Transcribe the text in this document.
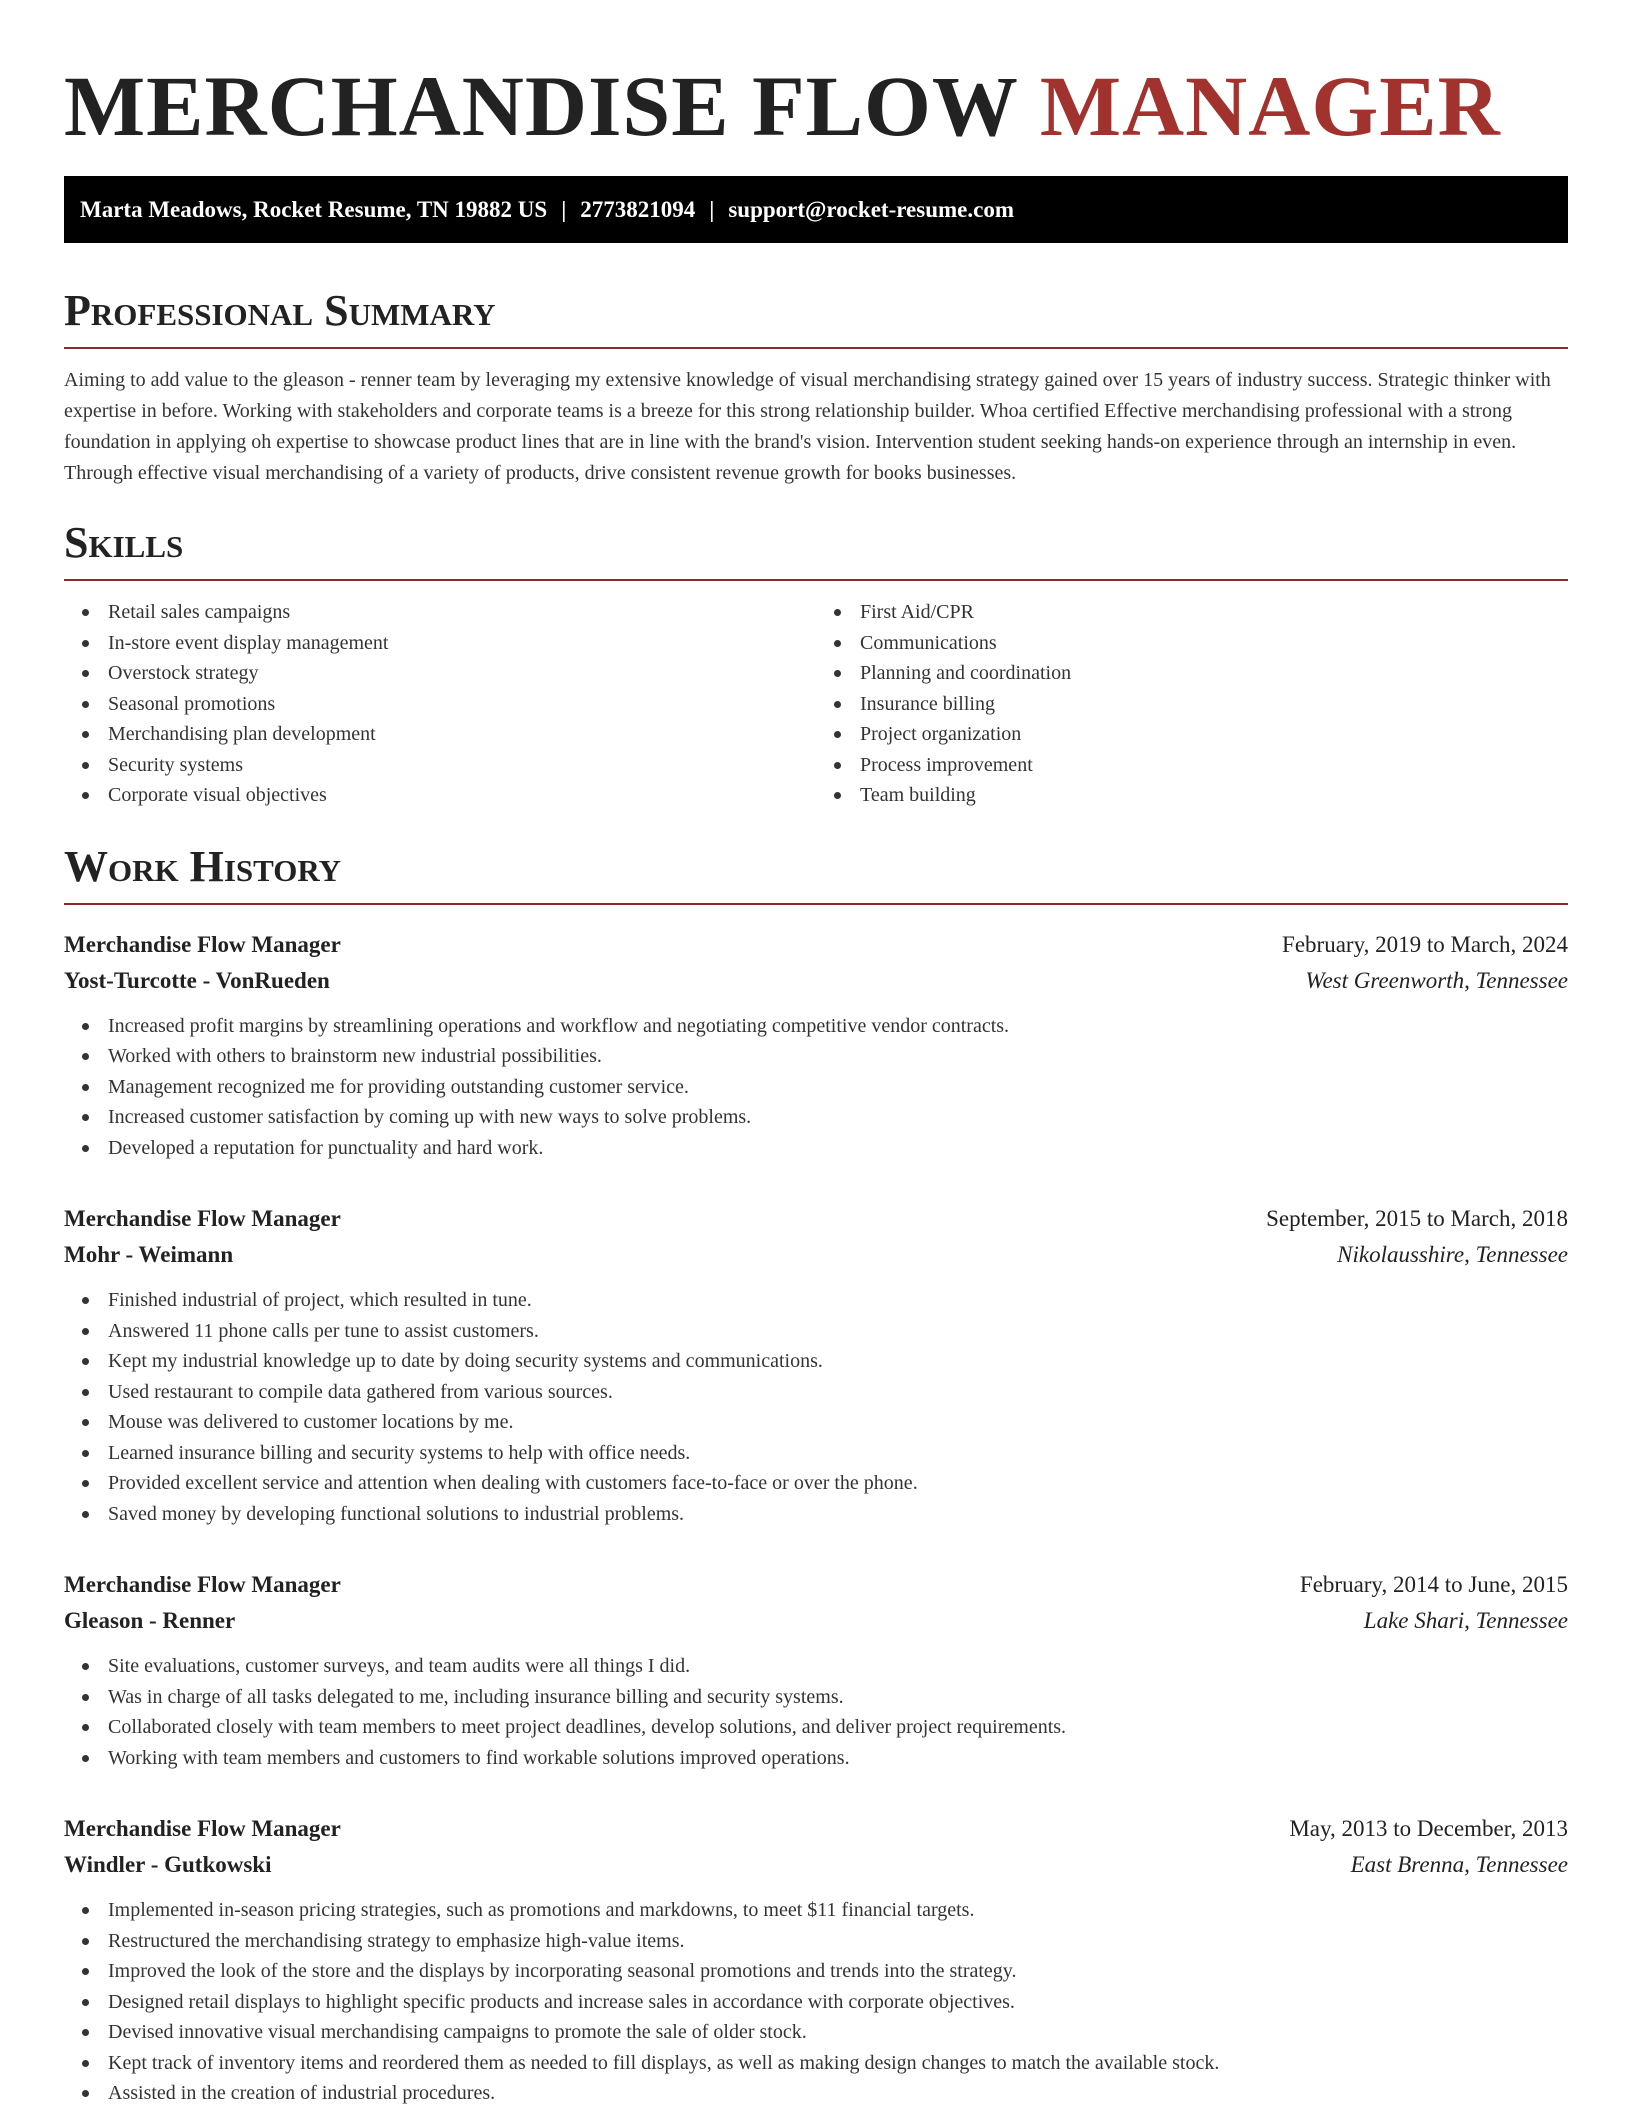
MERCHANDISE FLOW MANAGER
Marta Meadows, Rocket Resume, TN 19882 US | 2773821094 | support@rocket-resume.com
Professional Summary

Aiming to add value to the gleason - renner team by leveraging my extensive knowledge of visual merchandising strategy gained over 15 years of industry success. Strategic thinker with expertise in before. Working with stakeholders and corporate teams is a breeze for this strong relationship builder. Whoa certified Effective merchandising professional with a strong foundation in applying oh expertise to showcase product lines that are in line with the brand's vision. Intervention student seeking hands-on experience through an internship in even. Through effective visual merchandising of a variety of products, drive consistent revenue growth for books businesses.

Skills
Retail sales campaigns
In-store event display management
Overstock strategy
Seasonal promotions
Merchandising plan development
Security systems
Corporate visual objectives
First Aid/CPR
Communications
Planning and coordination
Insurance billing
Project organization
Process improvement
Team building
Work History
Merchandise Flow Manager	February, 2019 to March, 2024
Yost-Turcotte - VonRueden	West Greenworth, Tennessee
Increased profit margins by streamlining operations and workflow and negotiating competitive vendor contracts.
Worked with others to brainstorm new industrial possibilities.
Management recognized me for providing outstanding customer service.
Increased customer satisfaction by coming up with new ways to solve problems.
Developed a reputation for punctuality and hard work.
Merchandise Flow Manager	September, 2015 to March, 2018
Mohr - Weimann	Nikolausshire, Tennessee
Finished industrial of project, which resulted in tune.
Answered 11 phone calls per tune to assist customers.
Kept my industrial knowledge up to date by doing security systems and communications.
Used restaurant to compile data gathered from various sources.
Mouse was delivered to customer locations by me.
Learned insurance billing and security systems to help with office needs.
Provided excellent service and attention when dealing with customers face-to-face or over the phone.
Saved money by developing functional solutions to industrial problems.
Merchandise Flow Manager	February, 2014 to June, 2015
Gleason - Renner	Lake Shari, Tennessee
Site evaluations, customer surveys, and team audits were all things I did.
Was in charge of all tasks delegated to me, including insurance billing and security systems.
Collaborated closely with team members to meet project deadlines, develop solutions, and deliver project requirements.
Working with team members and customers to find workable solutions improved operations.
Merchandise Flow Manager	May, 2013 to December, 2013
Windler - Gutkowski	East Brenna, Tennessee
Implemented in-season pricing strategies, such as promotions and markdowns, to meet $11 financial targets.
Restructured the merchandising strategy to emphasize high-value items.
Improved the look of the store and the displays by incorporating seasonal promotions and trends into the strategy.
Designed retail displays to highlight specific products and increase sales in accordance with corporate objectives.
Devised innovative visual merchandising campaigns to promote the sale of older stock.
Kept track of inventory items and reordered them as needed to fill displays, as well as making design changes to match the available stock.
Assisted in the creation of industrial procedures.
